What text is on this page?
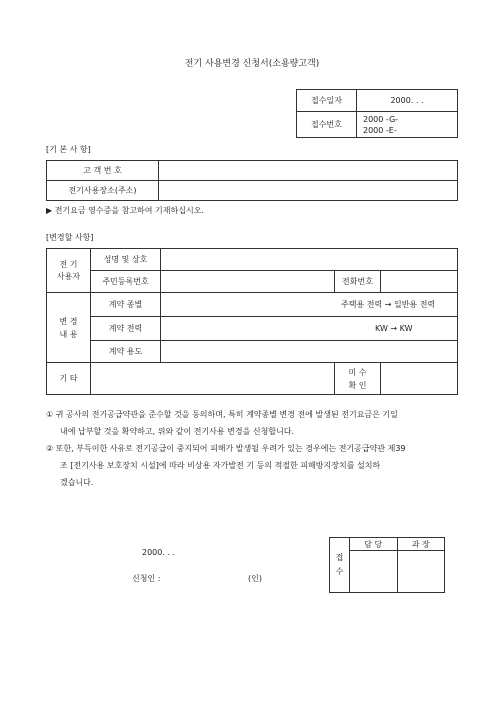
전기 사용변경 신청서(소용량고객)
접수일자	2000. . .
접수번호	2000 -G-
2000 -E-
[기 본 사 항]
고 객 번 호	
전기사용장소(주소)	
▶ 전기요금 영수증을 참고하여 기재하십시오.
[변경할 사항]
전 기
사용자	성명 및 상호			
	주민등록번호		전화번호	

변 경
내 용	계약 종별	주택용 전력 → 일반용 전력		
	계약 전력	KW → KW		
	계약 용도			
기 타			미 수
확 인	

① 귀 공사의 전기공급약관을 준수할 것을 동의하며, 특히 계약종별 변경 전에 발생된 전기요금은 기일
내에 납부할 것을 확약하고, 위와 같이 전기사용 변경을 신청합니다.
② 또한, 부득이한 사유로 전기공급이 중지되어 피해가 발생될 우려가 있는 경우에는 전기공급약관 제39
조 [전기사용 보호장치 시설]에 따라 비상용 자가발전 기 등의 적절한 피해방지장치를 설치하
겠습니다.
2000. . .
신청인 :	(인)
접
수	담 당	과 장
